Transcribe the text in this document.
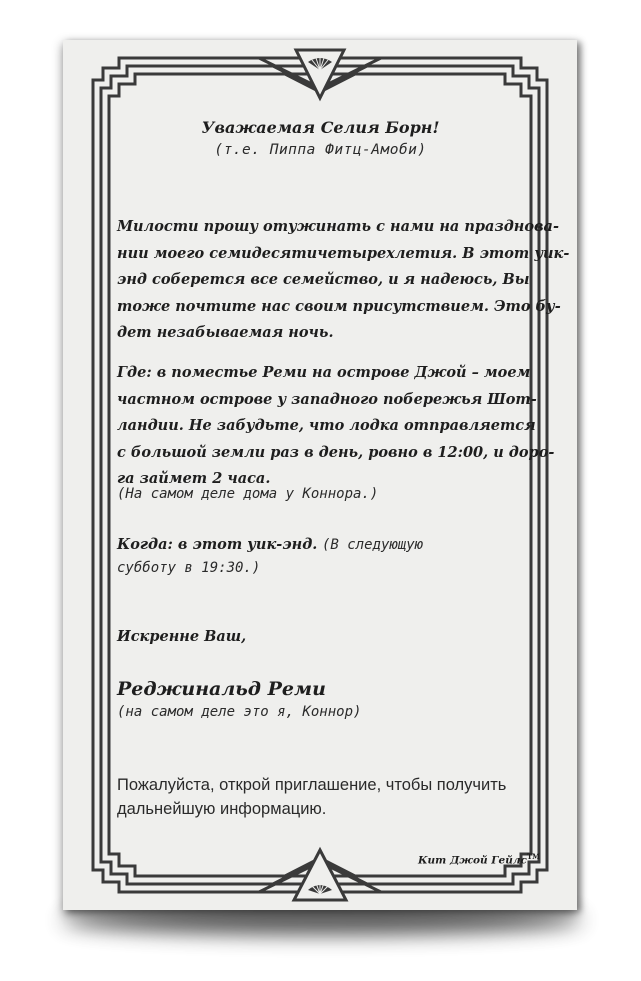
Уважаемая Селия Борн!
(т.е. Пиппа Фитц-Амоби)
Милости прошу отужинать с нами на праздновa-
нии моего семидесятичетырехлетия. В этот уик-
энд соберется все семейство, и я надеюсь, Вы
тоже почтите нас своим присутствием. Это бу-
дет незабываемая ночь.
Где: в поместье Реми на острове Джой – моем
частном острове у западного побережья Шот-
ландии. Не забудьте, что лодка отправляется
с большой земли раз в день, ровно в 12:00, и доро-
га займет 2 часа.
(На самом деле дома у Коннора.)
Когда: в этот уик-энд. (В следующую
субботу в 19:30.)
Искренне Ваш,
Реджинальд Реми
(на самом деле это я, Коннор)
Пожалуйста, открой приглашение, чтобы получить
дальнейшую информацию.
Кит Джой Гейлс™
